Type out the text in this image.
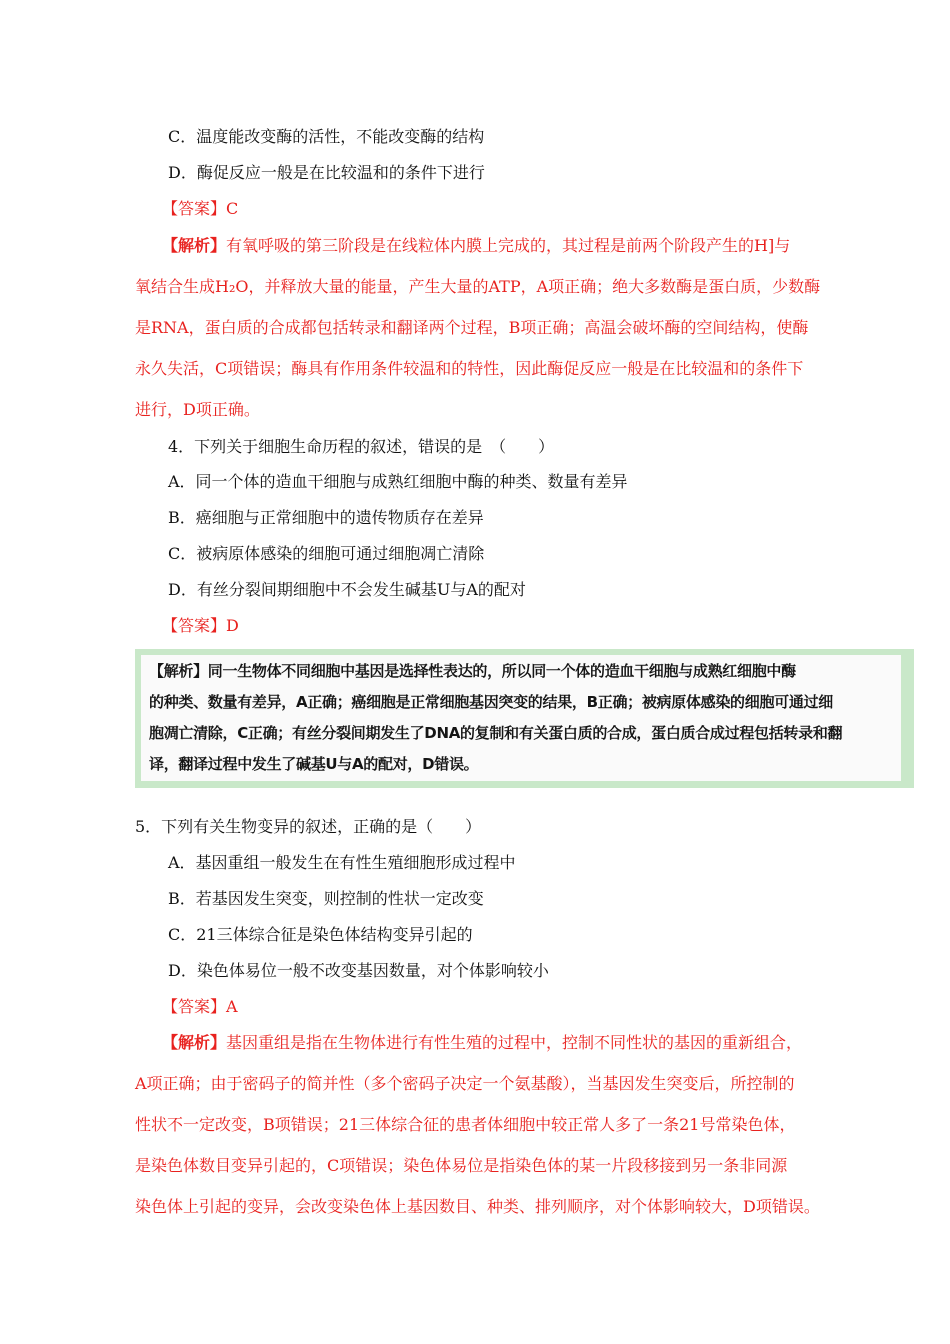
C．温度能改变酶的活性，不能改变酶的结构
D．酶促反应一般是在比较温和的条件下进行
【答案】C
【解析】有氧呼吸的第三阶段是在线粒体内膜上完成的，其过程是前两个阶段产生的H]与
氧结合生成H₂O，并释放大量的能量，产生大量的ATP，A项正确；绝大多数酶是蛋白质，少数酶
是RNA，蛋白质的合成都包括转录和翻译两个过程，B项正确；高温会破坏酶的空间结构，使酶
永久失活，C项错误；酶具有作用条件较温和的特性，因此酶促反应一般是在比较温和的条件下
进行，D项正确。
4．下列关于细胞生命历程的叙述，错误的是　（　　）
A．同一个体的造血干细胞与成熟红细胞中酶的种类、数量有差异
B．癌细胞与正常细胞中的遗传物质存在差异
C．被病原体感染的细胞可通过细胞凋亡清除
D．有丝分裂间期细胞中不会发生碱基U与A的配对
【答案】D
【解析】同一生物体不同细胞中基因是选择性表达的，所以同一个体的造血干细胞与成熟红细胞中酶
的种类、数量有差异，A正确；癌细胞是正常细胞基因突变的结果，B正确；被病原体感染的细胞可通过细
胞凋亡清除，C正确；有丝分裂间期发生了DNA的复制和有关蛋白质的合成，蛋白质合成过程包括转录和翻
译，翻译过程中发生了碱基U与A的配对，D错误。
5．下列有关生物变异的叙述，正确的是（　　）
A．基因重组一般发生在有性生殖细胞形成过程中
B．若基因发生突变，则控制的性状一定改变
C．21三体综合征是染色体结构变异引起的
D．染色体易位一般不改变基因数量，对个体影响较小
【答案】A
【解析】基因重组是指在生物体进行有性生殖的过程中，控制不同性状的基因的重新组合，
A项正确；由于密码子的简并性（多个密码子决定一个氨基酸），当基因发生突变后，所控制的
性状不一定改变，B项错误；21三体综合征的患者体细胞中较正常人多了一条21号常染色体，
是染色体数目变异引起的，C项错误；染色体易位是指染色体的某一片段移接到另一条非同源
染色体上引起的变异，会改变染色体上基因数目、种类、排列顺序，对个体影响较大，D项错误。
